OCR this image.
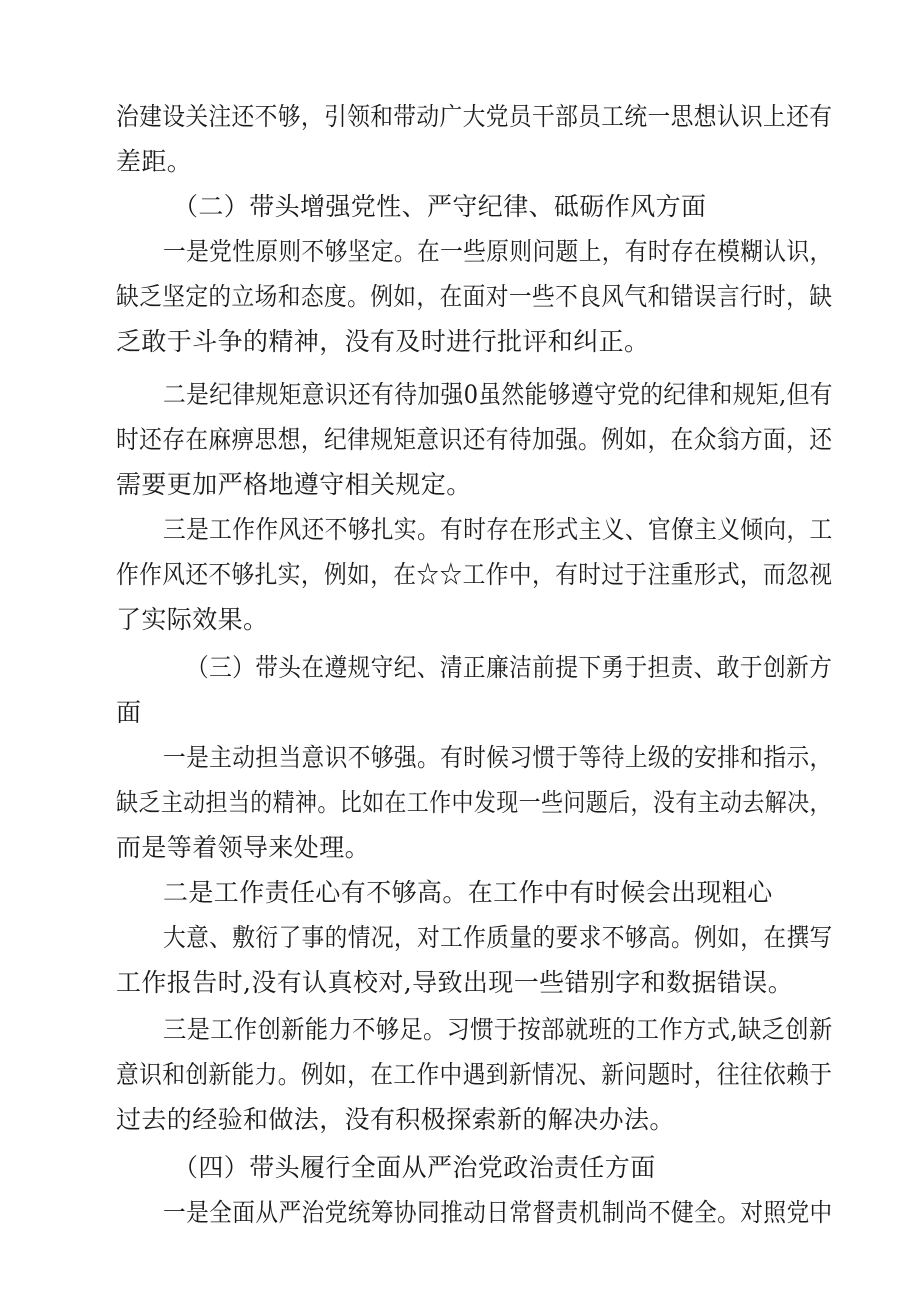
治建设关注还不够，引领和带动广大党员干部员工统一思想认识上还有
差距。
（二）带头增强党性、严守纪律、砥砺作风方面
一是党性原则不够坚定。在一些原则问题上，有时存在模糊认识，
缺乏坚定的立场和态度。例如，在面对一些不良风气和错误言行时，缺
乏敢于斗争的精神，没有及时进行批评和纠正。
二是纪律规矩意识还有待加强0虽然能够遵守党的纪律和规矩,但有
时还存在麻痹思想，纪律规矩意识还有待加强。例如，在众翁方面，还
需要更加严格地遵守相关规定。
三是工作作风还不够扎实。有时存在形式主义、官僚主义倾向，工
作作风还不够扎实，例如，在☆☆工作中，有时过于注重形式，而忽视
了实际效果。
（三）带头在遵规守纪、清正廉洁前提下勇于担责、敢于创新方
面
一是主动担当意识不够强。有时候习惯于等待上级的安排和指示，
缺乏主动担当的精神。比如在工作中发现一些问题后，没有主动去解决，
而是等着领导来处理。
二是工作责任心有不够高。在工作中有时候会出现粗心
大意、敷衍了事的情况，对工作质量的要求不够高。例如，在撰写
工作报告时,没有认真校对,导致出现一些错别字和数据错误。
三是工作创新能力不够足。习惯于按部就班的工作方式,缺乏创新
意识和创新能力。例如，在工作中遇到新情况、新问题时，往往依赖于
过去的经验和做法，没有积极探索新的解决办法。
（四）带头履行全面从严治党政治责任方面
一是全面从严治党统筹协同推动日常督责机制尚不健全。对照党中
